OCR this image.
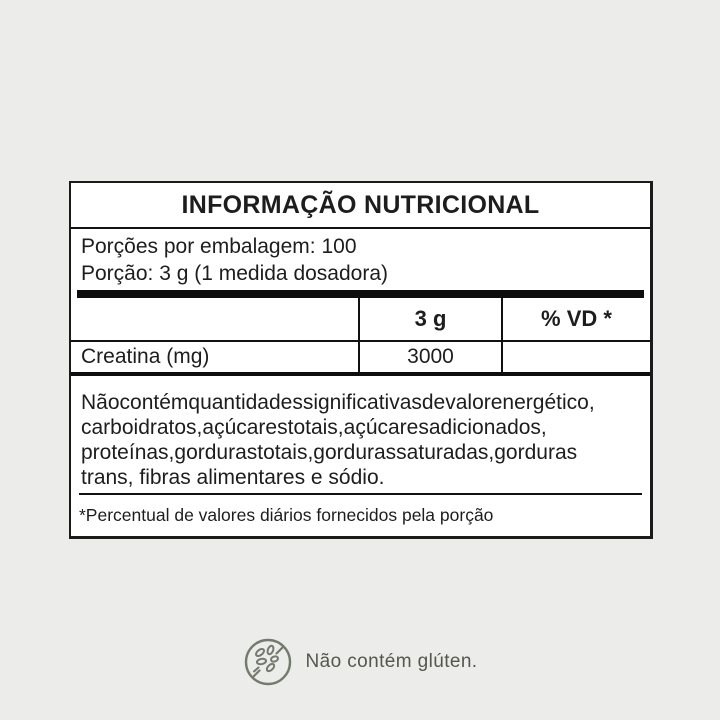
INFORMAÇÃO NUTRICIONAL
Porções por embalagem: 100
Porção: 3 g (1 medida dosadora)
3 g	% VD *
Creatina (mg)	3000
Nãocontémquantidadessignificativasdevalorenergético,
carboidratos,açúcarestotais,açúcaresadicionados,
proteínas,gordurastotais,gordurassaturadas,gorduras
trans, fibras alimentares e sódio.
*Percentual de valores diários fornecidos pela porção
Não contém glúten.
